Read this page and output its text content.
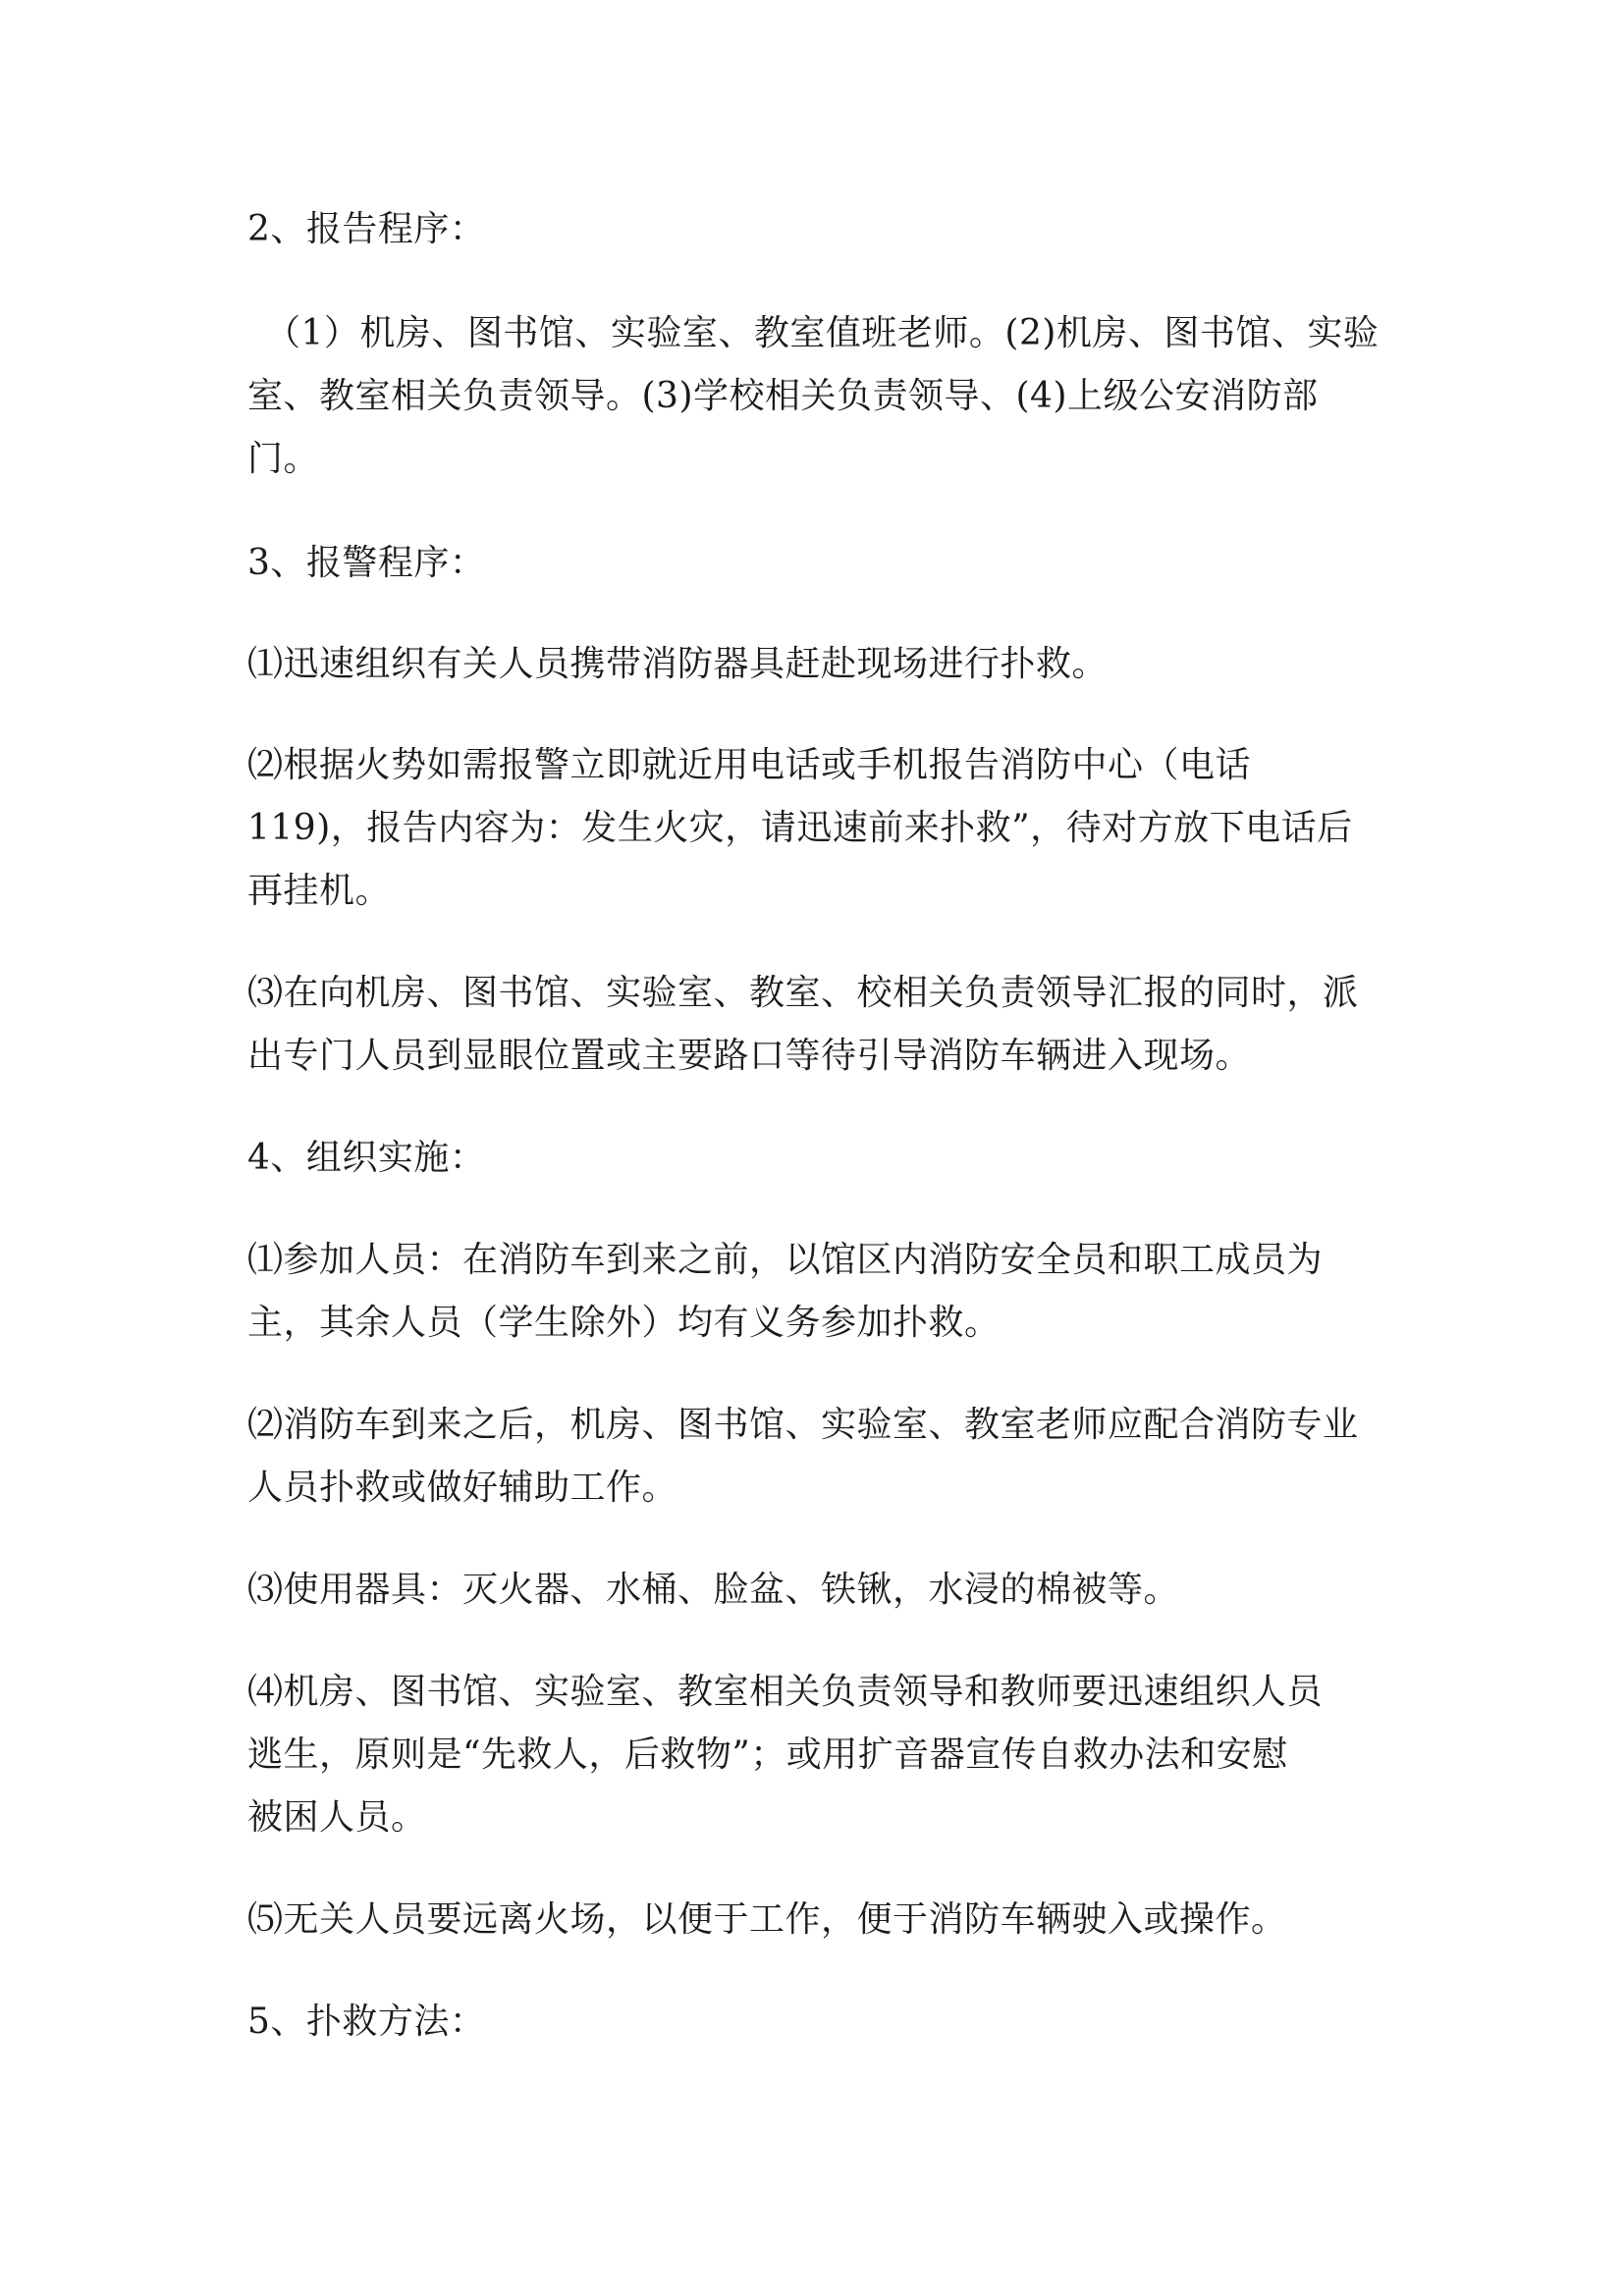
2、报告程序：
（1）机房、图书馆、实验室、教室值班老师。(2)机房、图书馆、实验
室、教室相关负责领导。(3)学校相关负责领导、(4)上级公安消防部
门。
3、报警程序：
⑴迅速组织有关人员携带消防器具赶赴现场进行扑救。
⑵根据火势如需报警立即就近用电话或手机报告消防中心（电话
119)，报告内容为：发生火灾，请迅速前来扑救”，待对方放下电话后
再挂机。
⑶在向机房、图书馆、实验室、教室、校相关负责领导汇报的同时，派
出专门人员到显眼位置或主要路口等待引导消防车辆进入现场。
4、组织实施：
⑴参加人员：在消防车到来之前，以馆区内消防安全员和职工成员为
主，其余人员（学生除外）均有义务参加扑救。
⑵消防车到来之后，机房、图书馆、实验室、教室老师应配合消防专业
人员扑救或做好辅助工作。
⑶使用器具：灭火器、水桶、脸盆、铁锹，水浸的棉被等。
⑷机房、图书馆、实验室、教室相关负责领导和教师要迅速组织人员
逃生，原则是“先救人，后救物”；或用扩音器宣传自救办法和安慰
被困人员。
⑸无关人员要远离火场，以便于工作，便于消防车辆驶入或操作。
5、扑救方法：
